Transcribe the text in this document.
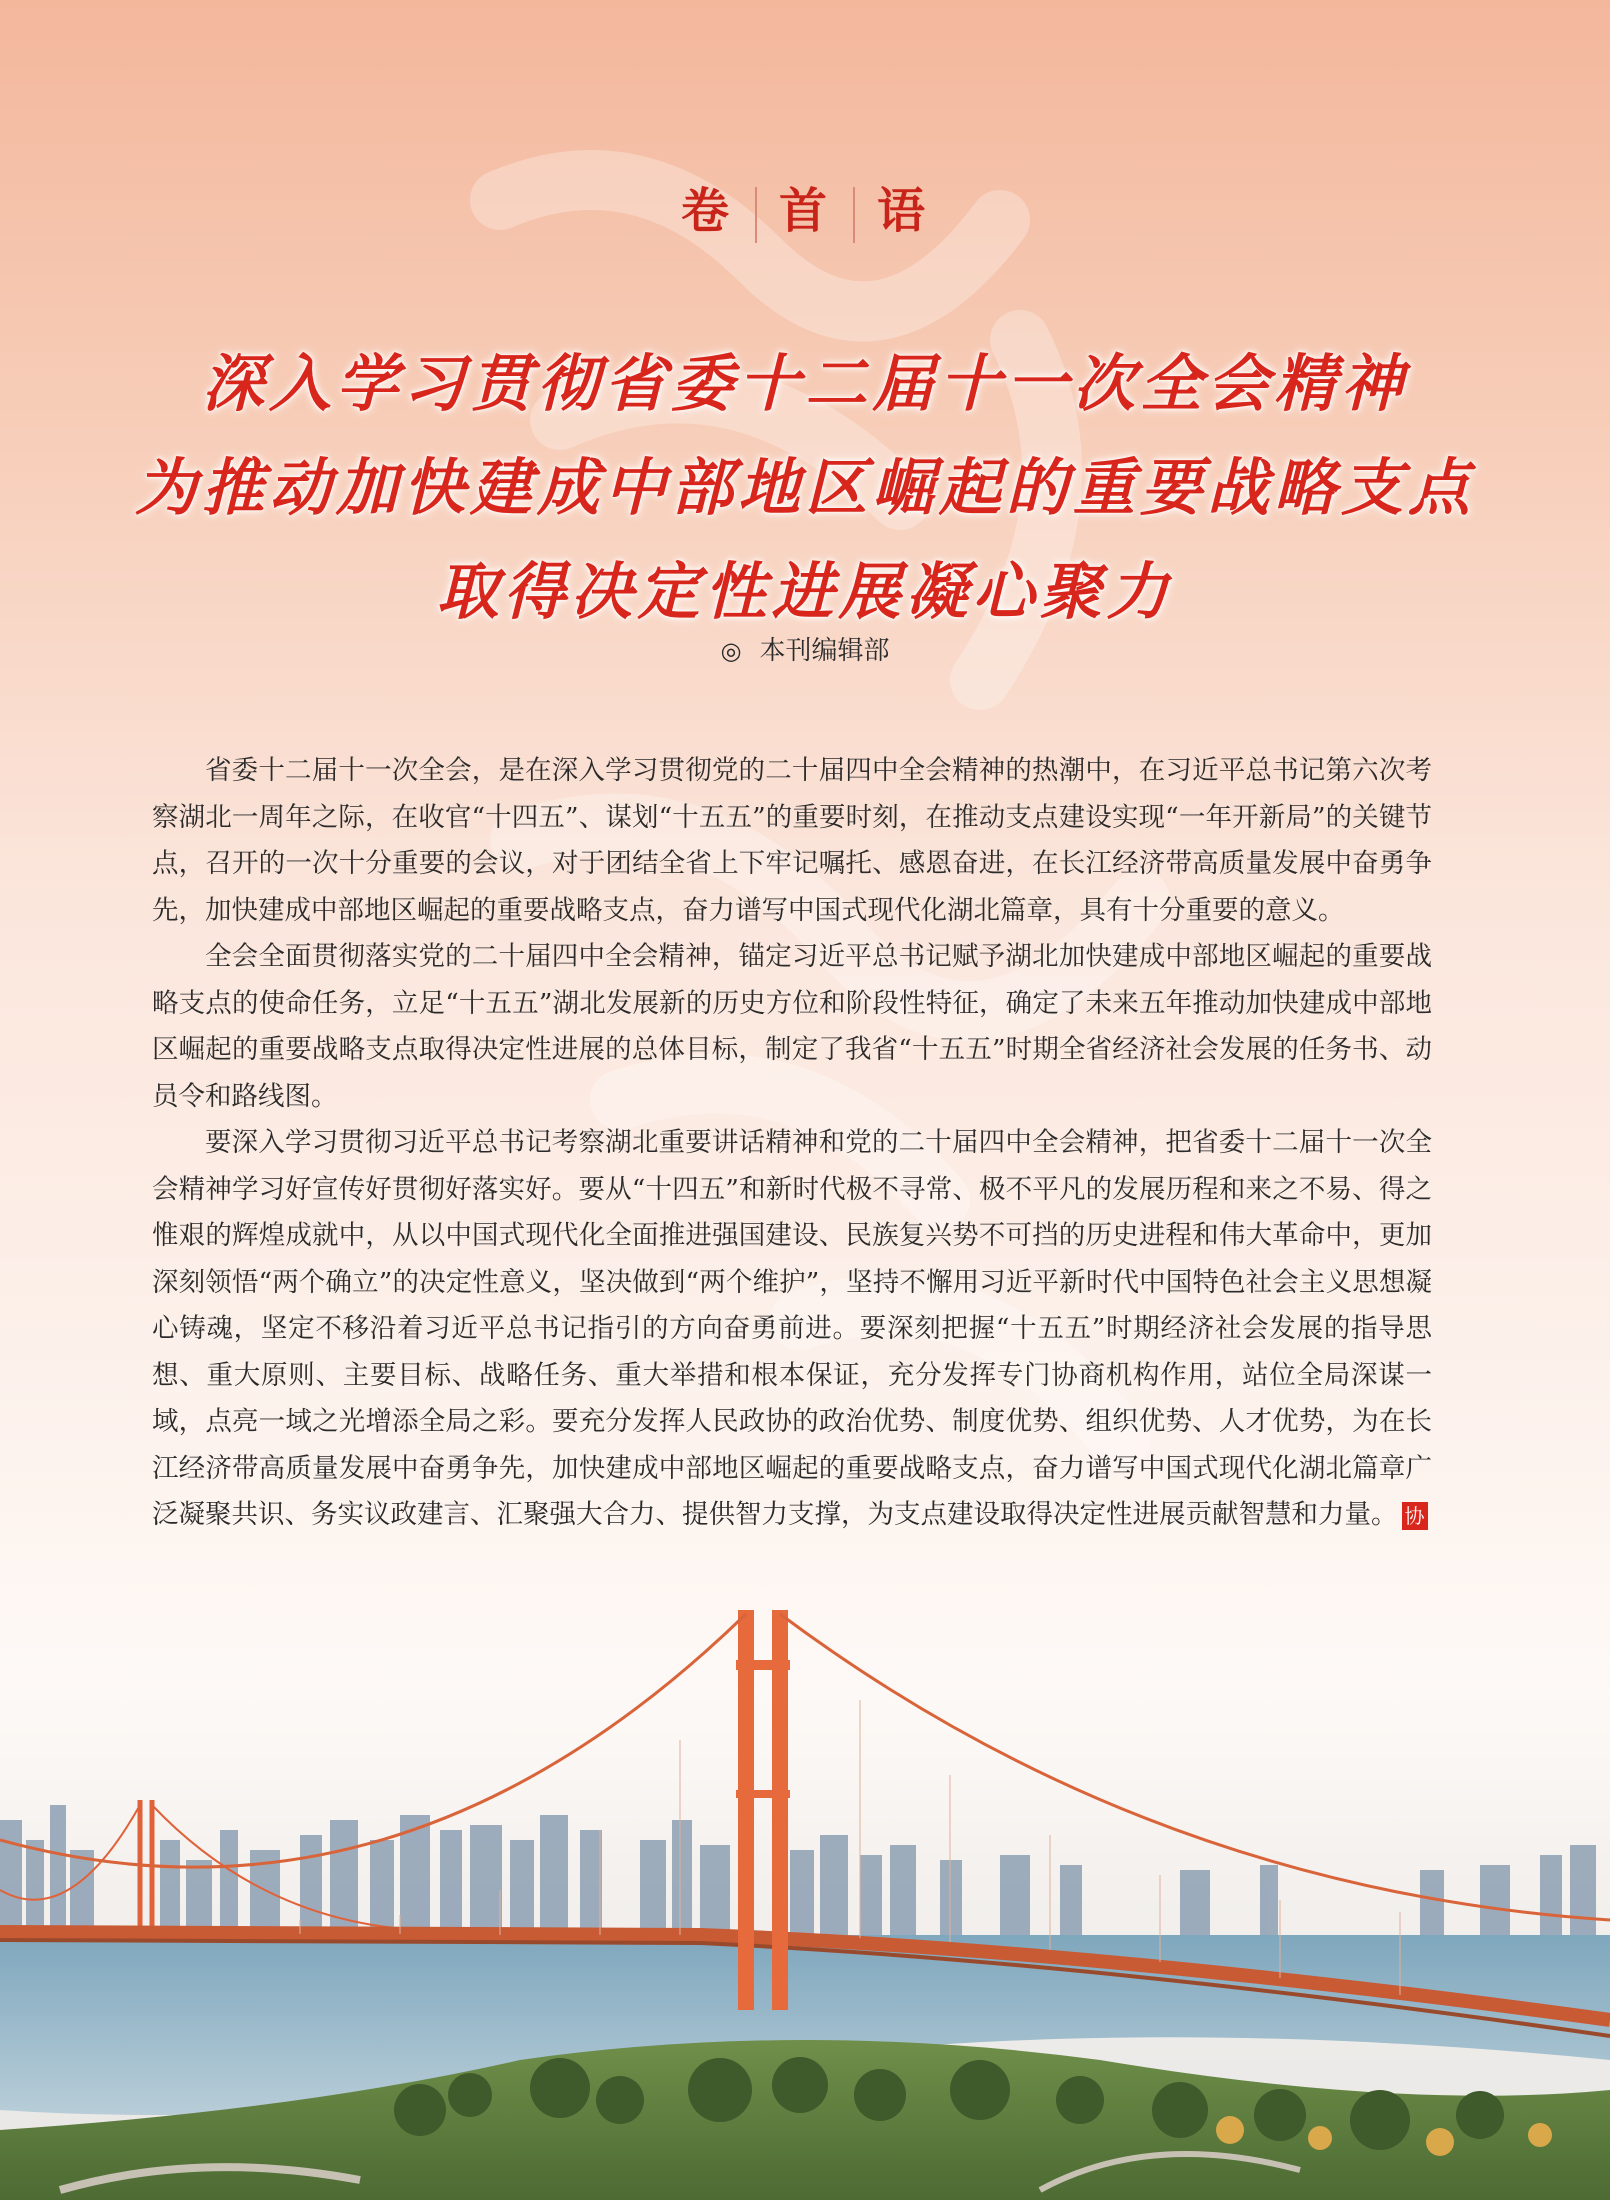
卷 首 语
深入学习贯彻省委十二届十一次全会精神
为推动加快建成中部地区崛起的重要战略支点
取得决定性进展凝心聚力
◎ 本刊编辑部

省委十二届十一次全会，是在深入学习贯彻党的二十届四中全会精神的热潮中，在习近平总书记第六次考察湖北一周年之际，在收官“十四五”、谋划“十五五”的重要时刻，在推动支点建设实现“一年开新局”的关键节点，召开的一次十分重要的会议，对于团结全省上下牢记嘱托、感恩奋进，在长江经济带高质量发展中奋勇争先，加快建成中部地区崛起的重要战略支点，奋力谱写中国式现代化湖北篇章，具有十分重要的意义。

全会全面贯彻落实党的二十届四中全会精神，锚定习近平总书记赋予湖北加快建成中部地区崛起的重要战略支点的使命任务，立足“十五五”湖北发展新的历史方位和阶段性特征，确定了未来五年推动加快建成中部地区崛起的重要战略支点取得决定性进展的总体目标，制定了我省“十五五”时期全省经济社会发展的任务书、动员令和路线图。

要深入学习贯彻习近平总书记考察湖北重要讲话精神和党的二十届四中全会精神，把省委十二届十一次全会精神学习好宣传好贯彻好落实好。要从“十四五”和新时代极不寻常、极不平凡的发展历程和来之不易、得之惟艰的辉煌成就中，从以中国式现代化全面推进强国建设、民族复兴势不可挡的历史进程和伟大革命中，更加深刻领悟“两个确立”的决定性意义，坚决做到“两个维护”，坚持不懈用习近平新时代中国特色社会主义思想凝心铸魂，坚定不移沿着习近平总书记指引的方向奋勇前进。要深刻把握“十五五”时期经济社会发展的指导思想、重大原则、主要目标、战略任务、重大举措和根本保证，充分发挥专门协商机构作用，站位全局深谋一域，点亮一域之光增添全局之彩。要充分发挥人民政协的政治优势、制度优势、组织优势、人才优势，为在长江经济带高质量发展中奋勇争先，加快建成中部地区崛起的重要战略支点，奋力谱写中国式现代化湖北篇章广泛凝聚共识、务实议政建言、汇聚强大合力、提供智力支撑，为支点建设取得决定性进展贡献智慧和力量。 协
